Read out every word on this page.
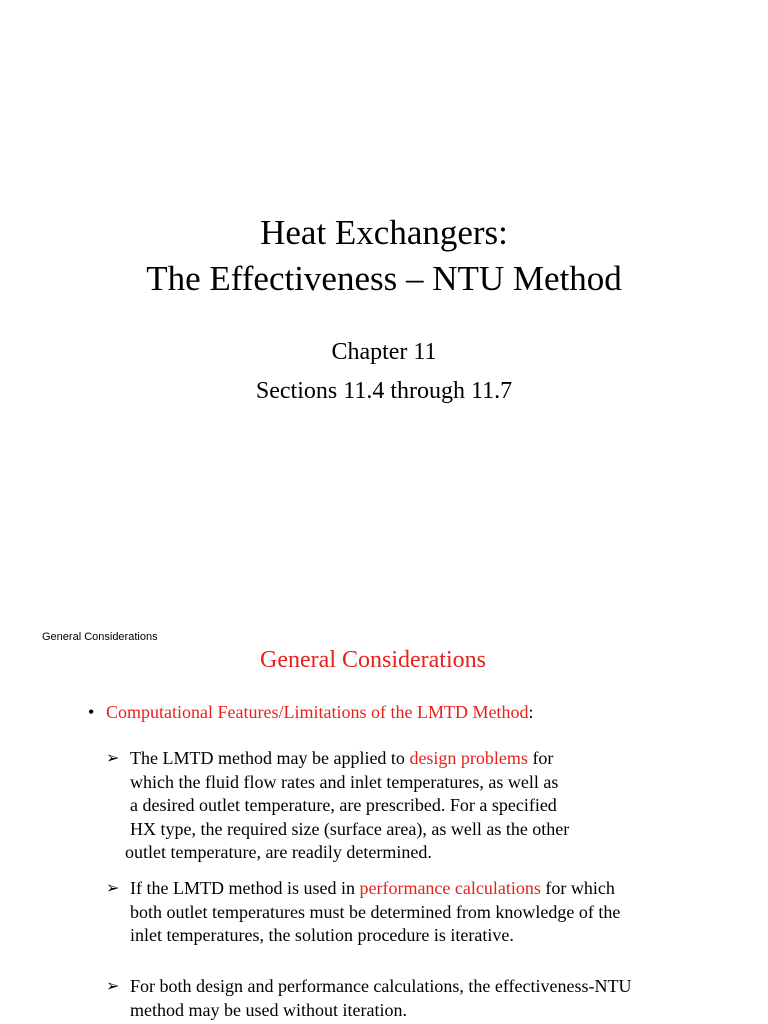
Heat Exchangers:
The Effectiveness – NTU Method
Chapter 11
Sections 11.4 through 11.7
General Considerations
General Considerations
• Computational Features/Limitations of the LMTD Method:
➢ The LMTD method may be applied to design problems for
which the fluid flow rates and inlet temperatures, as well as
a desired outlet temperature, are prescribed. For a specified
HX type, the required size (surface area), as well as the other
outlet temperature, are readily determined.
➢ If the LMTD method is used in performance calculations for which
both outlet temperatures must be determined from knowledge of the
inlet temperatures, the solution procedure is iterative.
➢ For both design and performance calculations, the effectiveness-NTU
method may be used without iteration.
